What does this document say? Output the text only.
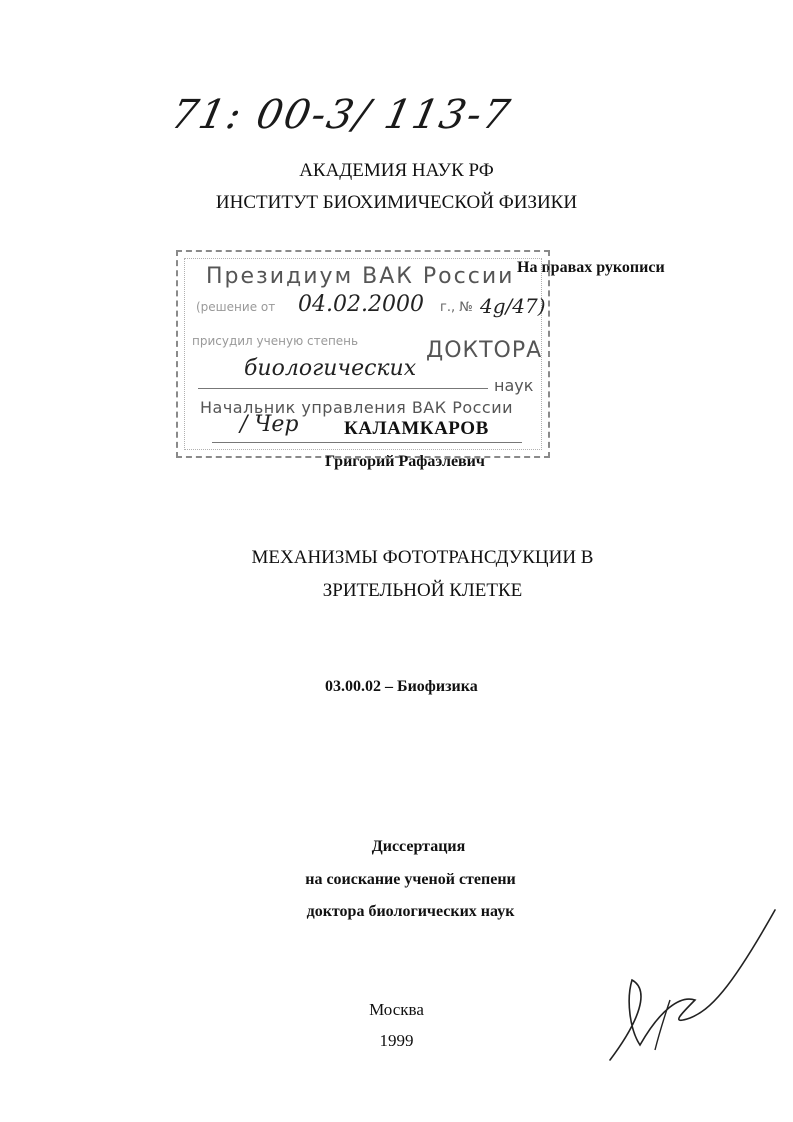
71: 00-3/ 113-7
АКАДЕМИЯ НАУК РФ
ИНСТИТУТ БИОХИМИЧЕСКОЙ ФИЗИКИ
На правах рукописи
Президиум ВАК России
(решение от 04.02.2000 г., № 4g/47)
присудил ученую степень	ДОКТОРА
биологических
наук
Начальник управления ВАК России
/ Чер КАЛАМКАРОВ
Григорий Рафаэлевич
МЕХАНИЗМЫ ФОТОТРАНСДУКЦИИ В
ЗРИТЕЛЬНОЙ КЛЕТКЕ
03.00.02 – Биофизика
Диссертация
на соискание ученой степени
доктора биологических наук
Москва
1999
